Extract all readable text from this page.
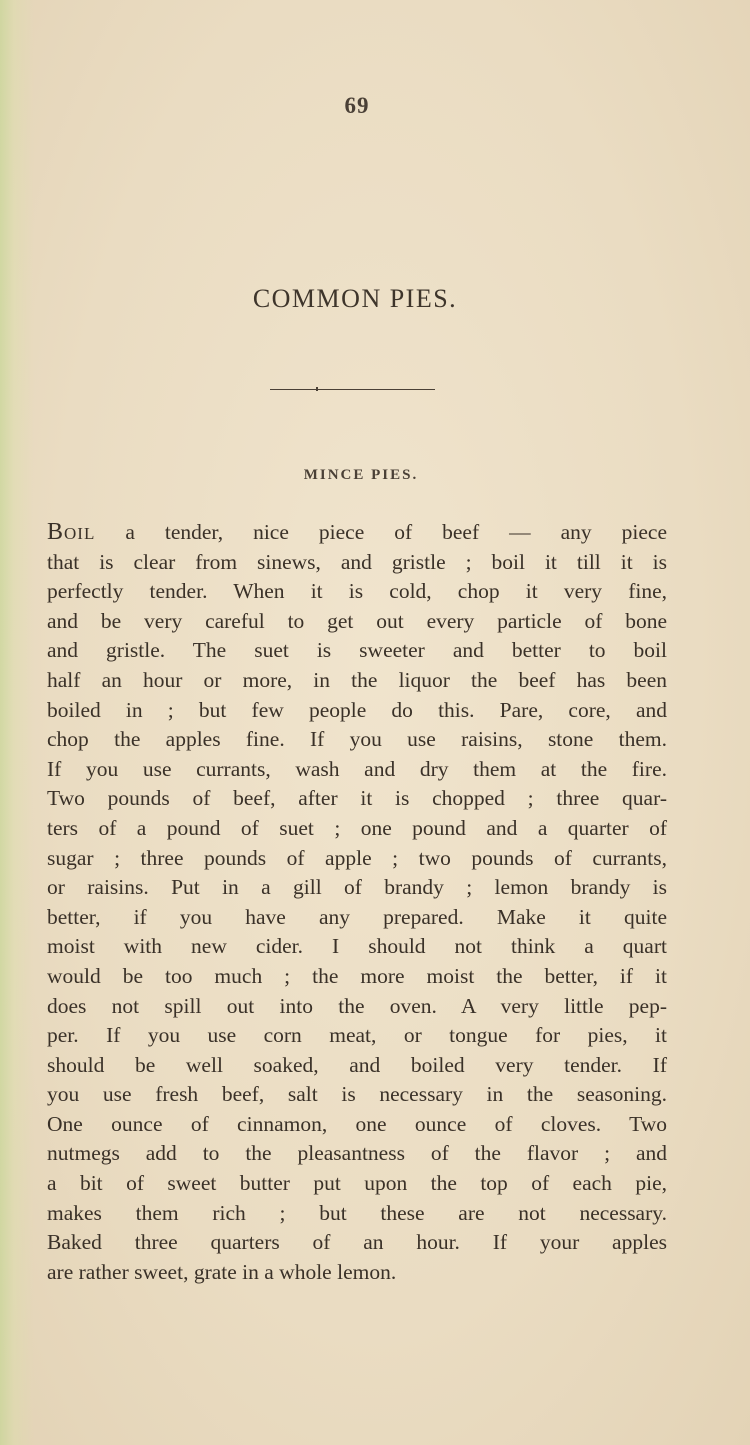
69
COMMON PIES.
MINCE PIES.
Boil a tender, nice piece of beef — any piece
that is clear from sinews, and gristle ; boil it till it is
perfectly tender. When it is cold, chop it very fine,
and be very careful to get out every particle of bone
and gristle. The suet is sweeter and better to boil
half an hour or more, in the liquor the beef has been
boiled in ; but few people do this. Pare, core, and
chop the apples fine. If you use raisins, stone them.
If you use currants, wash and dry them at the fire.
Two pounds of beef, after it is chopped ; three quar-
ters of a pound of suet ; one pound and a quarter of
sugar ; three pounds of apple ; two pounds of currants,
or raisins. Put in a gill of brandy ; lemon brandy is
better, if you have any prepared. Make it quite
moist with new cider. I should not think a quart
would be too much ; the more moist the better, if it
does not spill out into the oven. A very little pep-
per. If you use corn meat, or tongue for pies, it
should be well soaked, and boiled very tender. If
you use fresh beef, salt is necessary in the seasoning.
One ounce of cinnamon, one ounce of cloves. Two
nutmegs add to the pleasantness of the flavor ; and
a bit of sweet butter put upon the top of each pie,
makes them rich ; but these are not necessary.
Baked three quarters of an hour. If your apples
are rather sweet, grate in a whole lemon.
